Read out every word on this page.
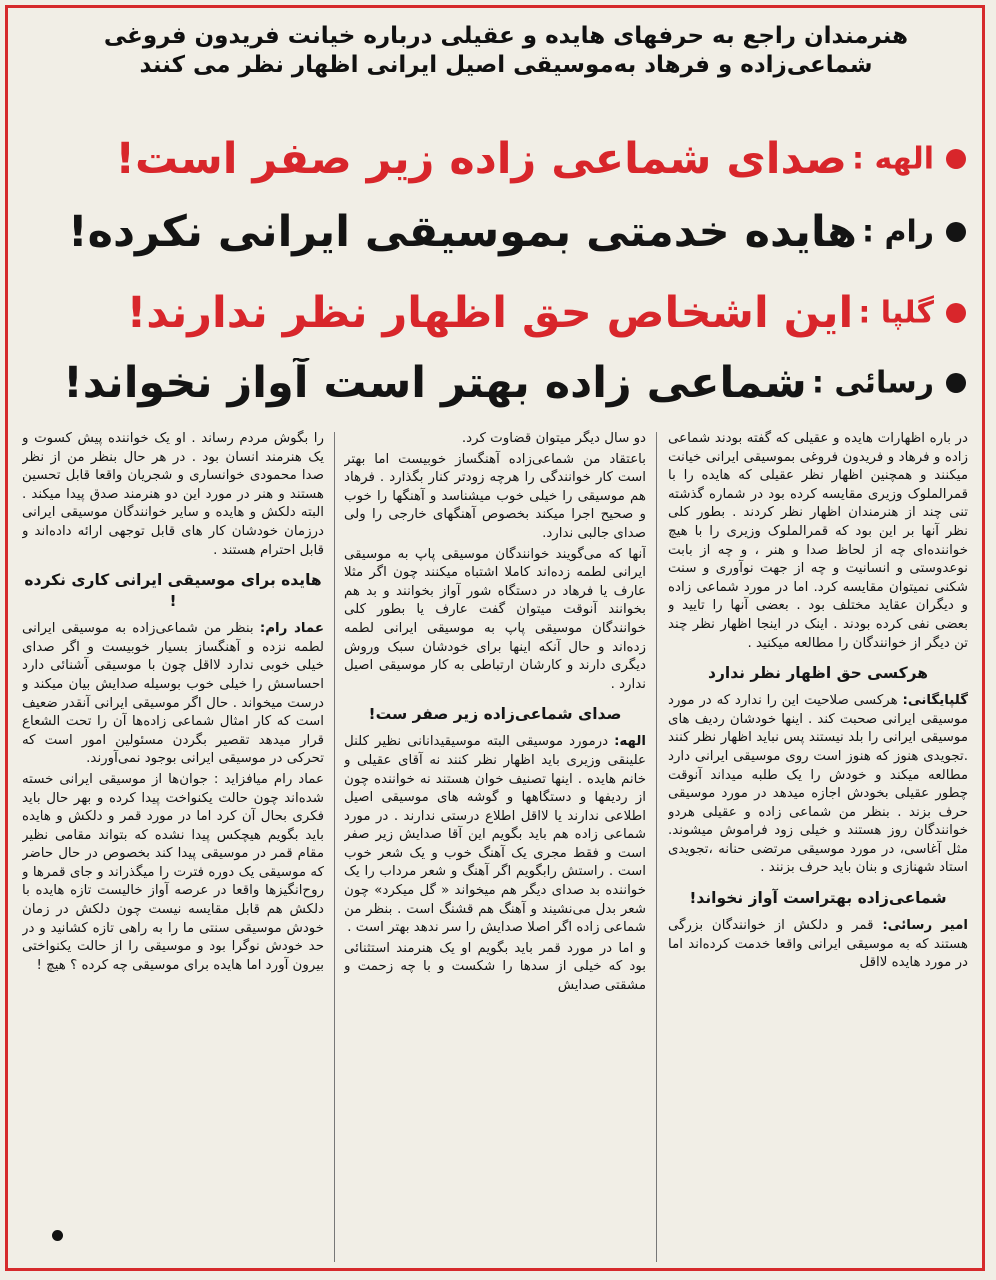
هنرمندان راجع به حرفهای هایده و عقیلی درباره خیانت فریدون فروغی
شماعی‌زاده و فرهاد به‌موسیقی اصیل ایرانی اظهار نظر می کنند
الهه : صدای شماعی زاده زیر صفر است!
رام : هایده خدمتی بموسیقی ایرانی نکرده!
گلپا : این اشخاص حق اظهار نظر ندارند!
رسائی : شماعی زاده بهتر است آواز نخواند!

در باره اظهارات هایده و عقیلی که گفته بودند شماعی زاده و فرهاد و فریدون فروغی بموسیقی ایرانی خیانت میکنند و همچنین اظهار نظر عقیلی که هایده را با قمرالملوک وزیری مقایسه کرده بود در شماره گذشته تنی چند از هنرمندان اظهار نظر کردند . بطور کلی نظر آنها بر این بود که قمرالملوک وزیری را با هیچ خواننده‌ای چه از لحاظ صدا و هنر ، و چه از بابت نوعدوستی و انسانیت و چه از جهت نوآوری و سنت شکنی نمیتوان مقایسه کرد. اما در مورد شماعی زاده و دیگران عقاید مختلف بود . بعضی آنها را تایید و بعضی نفی کرده بودند . اینک در اینجا اظهار نظر چند تن دیگر از خوانندگان را مطالعه میکنید .

هرکسی حق اظهار نظر ندارد

گلپایگانی: هرکسی صلاحیت این را ندارد که در مورد موسیقی ایرانی صحبت کند . اینها خودشان ردیف های موسیقی ایرانی را بلد نیستند پس نباید اظهار نظر کنند .تجویدی هنوز که هنوز است روی موسیقی ایرانی دارد مطالعه میکند و خودش را یک طلبه میداند آنوقت چطور عقیلی بخودش اجازه میدهد در مورد موسیقی حرف بزند . بنظر من شماعی زاده و عقیلی هردو خوانندگان روز هستند و خیلی زود فراموش میشوند. مثل آغاسی، در مورد موسیقی مرتضی حنانه ،تجویدی استاد شهنازی و بنان باید حرف بزنند .

شماعی‌زاده بهتراست آواز نخواند!

امیر رسائی: قمر و دلکش از خوانندگان بزرگی هستند که به موسیقی ایرانی واقعا خدمت کرده‌اند اما در مورد هایده لااقل

دو سال دیگر میتوان قضاوت کرد.

باعتقاد من شماعی‌زاده آهنگساز خوبیست اما بهتر است کار خوانندگی را هرچه زودتر کنار بگذارد . فرهاد هم موسیقی را خیلی خوب میشناسد و آهنگها را خوب و صحیح اجرا میکند بخصوص آهنگهای خارجی را ولی صدای جالبی ندارد.

آنها که می‌گویند خوانندگان موسیقی پاپ به موسیقی ایرانی لطمه زده‌اند کاملا اشتباه میکنند چون اگر مثلا عارف یا فرهاد در دستگاه شور آواز بخوانند و بد هم بخوانند آنوقت میتوان گفت عارف یا بطور کلی خوانندگان موسیقی پاپ به موسیقی ایرانی لطمه زده‌اند و حال آنکه اینها برای خودشان سبک وروش دیگری دارند و کارشان ارتباطی به کار موسیقی اصیل ندارد .

صدای شماعی‌زاده زیر صفر ست!

الهه: درمورد موسیقی البته موسیقیدانانی نظیر کلنل علینقی وزیری باید اظهار نظر کنند نه آقای عقیلی و خانم هایده . اینها تصنیف خوان هستند نه خواننده چون از ردیفها و دستگاهها و گوشه های موسیقی اصیل اطلاعی ندارند یا لااقل اطلاع درستی ندارند . در مورد شماعی زاده هم باید بگویم این آقا صدایش زیر صفر است و فقط مجری یک آهنگ خوب و یک شعر خوب است . راستش رابگویم اگر آهنگ و شعر مرداب را یک خواننده بد صدای دیگر هم میخواند « گل میکرد» چون شعر بدل می‌نشیند و آهنگ هم قشنگ است . بنظر من شماعی زاده اگر اصلا صدایش را سر ندهد بهتر است .

و اما در مورد قمر باید بگویم او یک هنرمند استثنائی بود که خیلی از سدها را شکست و با چه زحمت و مشقتی صدایش

را بگوش مردم رساند . او یک خواننده پیش کسوت و یک هنرمند انسان بود . در هر حال بنظر من از نظر صدا محمودی خوانساری و شجریان واقعا قابل تحسین هستند و هنر در مورد این دو هنرمند صدق پیدا میکند . البته دلکش و هایده و سایر خوانندگان موسیقی ایرانی درزمان خودشان کار های قابل توجهی ارائه داده‌اند و قابل احترام هستند .

هایده برای موسیقی ایرانی کاری نکرده !

عماد رام: بنظر من شماعی‌زاده به موسیقی ایرانی لطمه نزده و آهنگساز بسیار خوبیست و اگر صدای خیلی خوبی ندارد لااقل چون با موسیقی آشنائی دارد احساسش را خیلی خوب بوسیله صدایش بیان میکند و درست میخواند . حال اگر موسیقی ایرانی آنقدر ضعیف است که کار امثال شماعی زاده‌ها آن را تحت الشعاع قرار میدهد تقصیر بگردن مسئولین امور است که تحرکی در موسیقی ایرانی بوجود نمی‌آورند.

عماد رام میافزاید : جوان‌ها از موسیقی ایرانی خسته شده‌اند چون حالت یکنواخت پیدا کرده و بهر حال باید فکری بحال آن کرد اما در مورد قمر و دلکش و هایده باید بگویم هیچکس پیدا نشده که بتواند مقامی نظیر مقام قمر در موسیقی پیدا کند بخصوص در حال حاضر که موسیقی یک دوره فترت را میگذراند و جای قمرها و روح‌انگیزها واقعا در عرصه آواز خالیست تازه هایده با دلکش هم قابل مقایسه نیست چون دلکش در زمان خودش موسیقی سنتی ما را به راهی تازه کشانید و در حد خودش نوگرا بود و موسیقی را از حالت یکنواختی بیرون آورد اما هایده برای موسیقی چه کرده ؟ هیچ !
